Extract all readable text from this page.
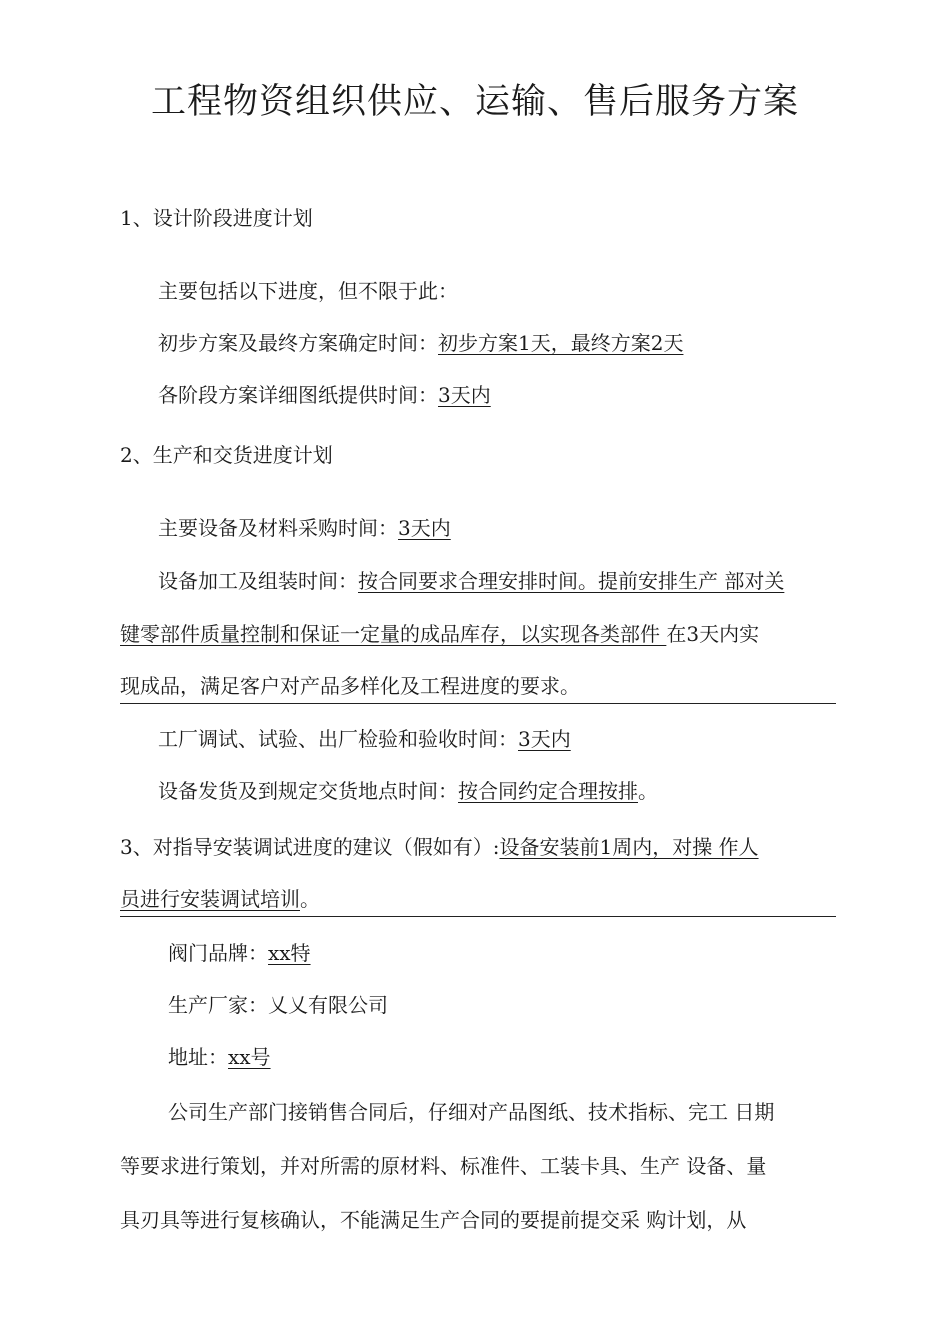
工程物资组织供应、运输、售后服务方案
1、设计阶段进度计划
主要包括以下进度，但不限于此：
初步方案及最终方案确定时间：初步方案1天，最终方案2天
各阶段方案详细图纸提供时间：3天内
2、生产和交货进度计划
主要设备及材料采购时间：3天内
设备加工及组装时间：按合同要求合理安排时间。提前安排生产 部对关
键零部件质量控制和保证一定量的成品库存，以实现各类部件 在3天内实
现成品，满足客户对产品多样化及工程进度的要求。
工厂调试、试验、出厂检验和验收时间：3天内
设备发货及到规定交货地点时间：按合同约定合理按排。
3、对指导安装调试进度的建议（假如有）:设备安装前1周内，对操 作人
员进行安装调试培训。
阀门品牌：xx特
生产厂家：乂乂有限公司
地址：xx号
公司生产部门接销售合同后，仔细对产品图纸、技术指标、完工 日期
等要求进行策划，并对所需的原材料、标准件、工装卡具、生产 设备、量
具刃具等进行复核确认，不能满足生产合同的要提前提交采 购计划，从
